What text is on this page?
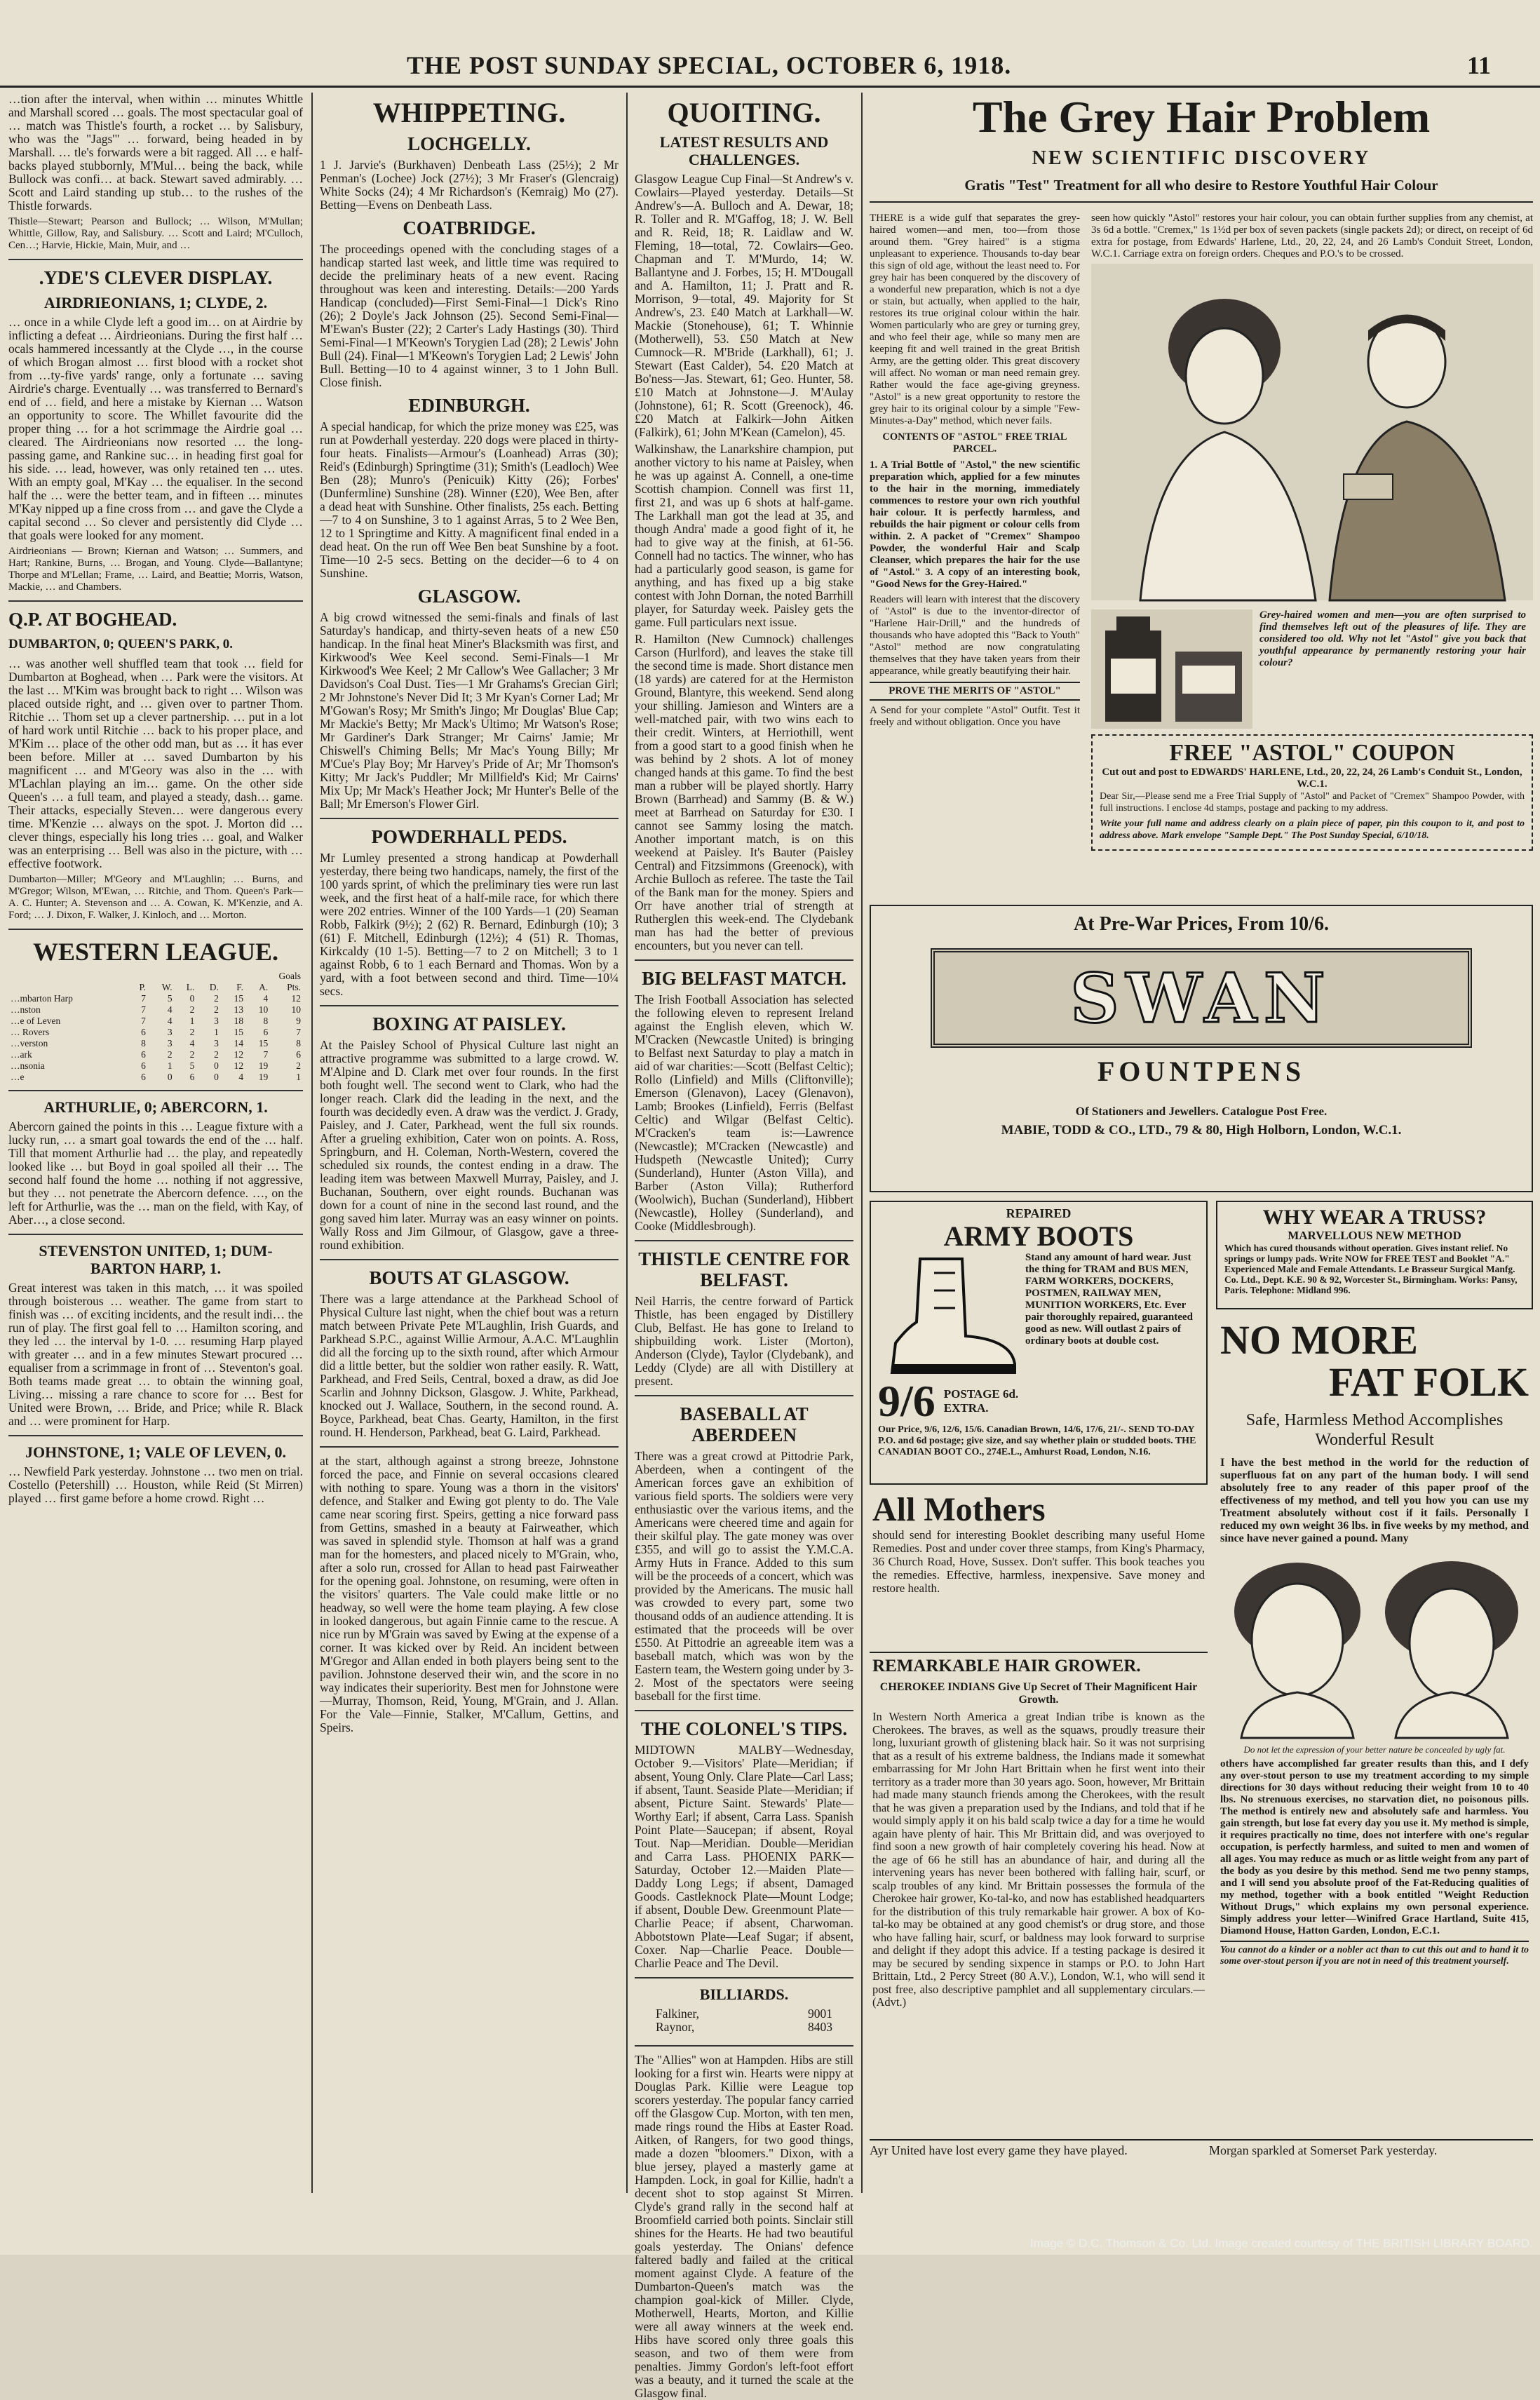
THE POST SUNDAY SPECIAL, OCTOBER 6, 1918.	11

…tion after the interval, when within … minutes Whittle and Marshall scored … goals. The most spectacular goal of … match was Thistle's fourth, a rocket … by Salisbury, who was the "Jags'" … forward, being headed in by Marshall. … tle's forwards were a bit ragged. All … e half-backs played stubbornly, M'Mul… being the back, while Bullock was confi… at back. Stewart saved admirably. … Scott and Laird standing up stub… to the rushes of the Thistle forwards.

Thistle—Stewart; Pearson and Bullock; … Wilson, M'Mullan; Whittle, Gillow, Ray, and Salisbury. … Scott and Laird; M'Culloch, Cen…; Harvie, Hickie, Main, Muir, and …

.YDE'S CLEVER DISPLAY.
AIRDRIEONIANS, 1; CLYDE, 2.

… once in a while Clyde left a good im… on at Airdrie by inflicting a defeat … Airdrieonians. During the first half … ocals hammered incessantly at the Clyde …, in the course of which Brogan almost … first blood with a rocket shot from …ty-five yards' range, only a fortunate … saving Airdrie's charge. Eventually … was transferred to Bernard's end of … field, and here a mistake by Kiernan … Watson an opportunity to score. The Whillet favourite did the proper thing … for a hot scrimmage the Airdrie goal … cleared. The Airdrieonians now resorted … the long-passing game, and Rankine suc… in heading first goal for his side. … lead, however, was only retained ten … utes. With an empty goal, M'Kay … the equaliser. In the second half the … were the better team, and in fifteen … minutes M'Kay nipped up a fine cross from … and gave the Clyde a capital second … So clever and persistently did Clyde … that goals were looked for any moment.

Airdrieonians — Brown; Kiernan and Watson; … Summers, and Hart; Rankine, Burns, … Brogan, and Young. Clyde—Ballantyne; Thorpe and M'Lellan; Frame, … Laird, and Beattie; Morris, Watson, Mackie, … and Chambers.

Q.P. AT BOGHEAD.
DUMBARTON, 0; QUEEN'S PARK, 0.

… was another well shuffled team that took … field for Dumbarton at Boghead, when … Park were the visitors. At the last … M'Kim was brought back to right … Wilson was placed outside right, and … given over to partner Thom. Ritchie … Thom set up a clever partnership. … put in a lot of hard work until Ritchie … back to his proper place, and M'Kim … place of the other odd man, but as … it has ever been before. Miller at … saved Dumbarton by his magnificent … and M'Geory was also in the … with M'Lachlan playing an im… game. On the other side Queen's … a full team, and played a steady, dash… game. Their attacks, especially Steven… were dangerous every time. M'Kenzie … always on the spot. J. Morton did … clever things, especially his long tries … goal, and Walker was an enterprising … Bell was also in the picture, with … effective footwork.

Dumbarton—Miller; M'Geory and M'Laughlin; … Burns, and M'Gregor; Wilson, M'Ewan, … Ritchie, and Thom. Queen's Park—A. C. Hunter; A. Stevenson and … A. Cowan, K. M'Kenzie, and A. Ford; … J. Dixon, F. Walker, J. Kinloch, and … Morton.

WESTERN LEAGUE.
Goals							
	P.	W.	L.	D.	F.	A.	Pts.
…mbarton Harp	7	5	0	2	15	4	12
…nston	7	4	2	2	13	10	10
…e of Leven	7	4	1	3	18	8	9
… Rovers	6	3	2	1	15	6	7
…verston	8	3	4	3	14	15	8
…ark	6	2	2	2	12	7	6
…nsonia	6	1	5	0	12	19	2
…e	6	0	6	0	4	19	1
ARTHURLIE, 0; ABERCORN, 1.

Abercorn gained the points in this … League fixture with a lucky run, … a smart goal towards the end of the … half. Till that moment Arthurlie had … the play, and repeatedly looked like … but Boyd in goal spoiled all their … The second half found the home … nothing if not aggressive, but they … not penetrate the Abercorn defence. …, on the left for Arthurlie, was the … man on the field, with Kay, of Aber…, a close second.

STEVENSTON UNITED, 1; DUM-BARTON HARP, 1.

Great interest was taken in this match, … it was spoiled through boisterous … weather. The game from start to finish was … of exciting incidents, and the result indi… the run of play. The first goal fell to … Hamilton scoring, and they led … the interval by 1-0. … resuming Harp played with greater … and in a few minutes Stewart procured … equaliser from a scrimmage in front of … Steventon's goal. Both teams made great … to obtain the winning goal, Living… missing a rare chance to score for … Best for United were Brown, … Bride, and Price; while R. Black and … were prominent for Harp.

JOHNSTONE, 1; VALE OF LEVEN, 0.

… Newfield Park yesterday. Johnstone … two men on trial. Costello (Petershill) … Houston, while Reid (St Mirren) played … first game before a home crowd. Right …

WHIPPETING.
LOCHGELLY.

1 J. Jarvie's (Burkhaven) Denbeath Lass (25½); 2 Mr Penman's (Lochee) Jock (27½); 3 Mr Fraser's (Glencraig) White Socks (24); 4 Mr Richardson's (Kemraig) Mo (27). Betting—Evens on Denbeath Lass.

COATBRIDGE.

The proceedings opened with the concluding stages of a handicap started last week, and little time was required to decide the preliminary heats of a new event. Racing throughout was keen and interesting. Details:—200 Yards Handicap (concluded)—First Semi-Final—1 Dick's Rino (26); 2 Doyle's Jack Johnson (25). Second Semi-Final—M'Ewan's Buster (22); 2 Carter's Lady Hastings (30). Third Semi-Final—1 M'Keown's Torygien Lad (28); 2 Lewis' John Bull (24). Final—1 M'Keown's Torygien Lad; 2 Lewis' John Bull. Betting—10 to 4 against winner, 3 to 1 John Bull. Close finish.

EDINBURGH.

A special handicap, for which the prize money was £25, was run at Powderhall yesterday. 220 dogs were placed in thirty-four heats. Finalists—Armour's (Loanhead) Arras (30); Reid's (Edinburgh) Springtime (31); Smith's (Leadloch) Wee Ben (28); Munro's (Penicuik) Kitty (26); Forbes' (Dunfermline) Sunshine (28). Winner (£20), Wee Ben, after a dead heat with Sunshine. Other finalists, 25s each. Betting—7 to 4 on Sunshine, 3 to 1 against Arras, 5 to 2 Wee Ben, 12 to 1 Springtime and Kitty. A magnificent final ended in a dead heat. On the run off Wee Ben beat Sunshine by a foot. Time—10 2-5 secs. Betting on the decider—6 to 4 on Sunshine.

GLASGOW.

A big crowd witnessed the semi-finals and finals of last Saturday's handicap, and thirty-seven heats of a new £50 handicap. In the final heat Miner's Blacksmith was first, and Kirkwood's Wee Keel second. Semi-Finals—1 Mr Kirkwood's Wee Keel; 2 Mr Callow's Wee Gallacher; 3 Mr Davidson's Coal Dust. Ties—1 Mr Grahams's Grecian Girl; 2 Mr Johnstone's Never Did It; 3 Mr Kyan's Corner Lad; Mr M'Gowan's Rosy; Mr Smith's Jingo; Mr Douglas' Blue Cap; Mr Mackie's Betty; Mr Mack's Ultimo; Mr Watson's Rose; Mr Gardiner's Dark Stranger; Mr Cairns' Jamie; Mr Chiswell's Chiming Bells; Mr Mac's Young Billy; Mr M'Cue's Play Boy; Mr Harvey's Pride of Ar; Mr Thomson's Kitty; Mr Jack's Puddler; Mr Millfield's Kid; Mr Cairns' Mix Up; Mr Mack's Heather Jock; Mr Hunter's Belle of the Ball; Mr Emerson's Flower Girl.

POWDERHALL PEDS.

Mr Lumley presented a strong handicap at Powderhall yesterday, there being two handicaps, namely, the first of the 100 yards sprint, of which the preliminary ties were run last week, and the first heat of a half-mile race, for which there were 202 entries. Winner of the 100 Yards—1 (20) Seaman Robb, Falkirk (9½); 2 (62) R. Bernard, Edinburgh (10); 3 (61) F. Mitchell, Edinburgh (12½); 4 (51) R. Thomas, Kirkcaldy (10 1-5). Betting—7 to 2 on Mitchell; 3 to 1 against Robb, 6 to 1 each Bernard and Thomas. Won by a yard, with a foot between second and third. Time—10¼ secs.

BOXING AT PAISLEY.

At the Paisley School of Physical Culture last night an attractive programme was submitted to a large crowd. W. M'Alpine and D. Clark met over four rounds. In the first both fought well. The second went to Clark, who had the longer reach. Clark did the leading in the next, and the fourth was decidedly even. A draw was the verdict. J. Grady, Paisley, and J. Cater, Parkhead, went the full six rounds. After a grueling exhibition, Cater won on points. A. Ross, Springburn, and H. Coleman, North-Western, covered the scheduled six rounds, the contest ending in a draw. The leading item was between Maxwell Murray, Paisley, and J. Buchanan, Southern, over eight rounds. Buchanan was down for a count of nine in the second last round, and the gong saved him later. Murray was an easy winner on points. Wally Ross and Jim Gilmour, of Glasgow, gave a three-round exhibition.

BOUTS AT GLASGOW.

There was a large attendance at the Parkhead School of Physical Culture last night, when the chief bout was a return match between Private Pete M'Laughlin, Irish Guards, and Parkhead S.P.C., against Willie Armour, A.A.C. M'Laughlin did all the forcing up to the sixth round, after which Armour did a little better, but the soldier won rather easily. R. Watt, Parkhead, and Fred Seils, Central, boxed a draw, as did Joe Scarlin and Johnny Dickson, Glasgow. J. White, Parkhead, knocked out J. Wallace, Southern, in the second round. A. Boyce, Parkhead, beat Chas. Gearty, Hamilton, in the first round. H. Henderson, Parkhead, beat G. Laird, Parkhead.

at the start, although against a strong breeze, Johnstone forced the pace, and Finnie on several occasions cleared with nothing to spare. Young was a thorn in the visitors' defence, and Stalker and Ewing got plenty to do. The Vale came near scoring first. Speirs, getting a nice forward pass from Gettins, smashed in a beauty at Fairweather, which was saved in splendid style. Thomson at half was a grand man for the homesters, and placed nicely to M'Grain, who, after a solo run, crossed for Allan to head past Fairweather for the opening goal. Johnstone, on resuming, were often in the visitors' quarters. The Vale could make little or no headway, so well were the home team playing. A few close in looked dangerous, but again Finnie came to the rescue. A nice run by M'Grain was saved by Ewing at the expense of a corner. It was kicked over by Reid. An incident between M'Gregor and Allan ended in both players being sent to the pavilion. Johnstone deserved their win, and the score in no way indicates their superiority. Best men for Johnstone were—Murray, Thomson, Reid, Young, M'Grain, and J. Allan. For the Vale—Finnie, Stalker, M'Callum, Gettins, and Speirs.

QUOITING.
LATEST RESULTS AND CHALLENGES.

Glasgow League Cup Final—St Andrew's v. Cowlairs—Played yesterday. Details—St Andrew's—A. Bulloch and A. Dewar, 18; R. Toller and R. M'Gaffog, 18; J. W. Bell and R. Reid, 18; R. Laidlaw and W. Fleming, 18—total, 72. Cowlairs—Geo. Chapman and T. M'Murdo, 14; W. Ballantyne and J. Forbes, 15; H. M'Dougall and A. Hamilton, 11; J. Pratt and R. Morrison, 9—total, 49. Majority for St Andrew's, 23. £40 Match at Larkhall—W. Mackie (Stonehouse), 61; T. Whinnie (Motherwell), 53. £50 Match at New Cumnock—R. M'Bride (Larkhall), 61; J. Stewart (East Calder), 54. £20 Match at Bo'ness—Jas. Stewart, 61; Geo. Hunter, 58. £10 Match at Johnstone—J. M'Aulay (Johnstone), 61; R. Scott (Greenock), 46. £20 Match at Falkirk—John Aitken (Falkirk), 61; John M'Kean (Camelon), 45.

Walkinshaw, the Lanarkshire champion, put another victory to his name at Paisley, when he was up against A. Connell, a one-time Scottish champion. Connell was first 11, first 21, and was up 6 shots at half-game. The Larkhall man got the lead at 35, and though Andra' made a good fight of it, he had to give way at the finish, at 61-56. Connell had no tactics. The winner, who has had a particularly good season, is game for anything, and has fixed up a big stake contest with John Dornan, the noted Barrhill player, for Saturday week. Paisley gets the game. Full particulars next issue.

R. Hamilton (New Cumnock) challenges Carson (Hurlford), and leaves the stake till the second time is made. Short distance men (18 yards) are catered for at the Hermiston Ground, Blantyre, this weekend. Send along your shilling. Jamieson and Winters are a well-matched pair, with two wins each to their credit. Winters, at Herriothill, went from a good start to a good finish when he was behind by 2 shots. A lot of money changed hands at this game. To find the best man a rubber will be played shortly. Harry Brown (Barrhead) and Sammy (B. & W.) meet at Barrhead on Saturday for £30. I cannot see Sammy losing the match. Another important match, is on this weekend at Paisley. It's Bauter (Paisley Central) and Fitzsimmons (Greenock), with Archie Bulloch as referee. The taste the Tail of the Bank man for the money. Spiers and Orr have another trial of strength at Rutherglen this week-end. The Clydebank man has had the better of previous encounters, but you never can tell.

BIG BELFAST MATCH.

The Irish Football Association has selected the following eleven to represent Ireland against the English eleven, which W. M'Cracken (Newcastle United) is bringing to Belfast next Saturday to play a match in aid of war charities:—Scott (Belfast Celtic); Rollo (Linfield) and Mills (Cliftonville); Emerson (Glenavon), Lacey (Glenavon), Lamb; Brookes (Linfield), Ferris (Belfast Celtic) and Wilgar (Belfast Celtic). M'Cracken's team is:—Lawrence (Newcastle); M'Cracken (Newcastle) and Hudspeth (Newcastle United); Curry (Sunderland), Hunter (Aston Villa), and Barber (Aston Villa); Rutherford (Woolwich), Buchan (Sunderland), Hibbert (Newcastle), Holley (Sunderland), and Cooke (Middlesbrough).

THISTLE CENTRE FOR BELFAST.

Neil Harris, the centre forward of Partick Thistle, has been engaged by Distillery Club, Belfast. He has gone to Ireland to shipbuilding work. Lister (Morton), Anderson (Clyde), Taylor (Clydebank), and Leddy (Clyde) are all with Distillery at present.

BASEBALL AT ABERDEEN

There was a great crowd at Pittodrie Park, Aberdeen, when a contingent of the American forces gave an exhibition of various field sports. The soldiers were very enthusiastic over the various items, and the Americans were cheered time and again for their skilful play. The gate money was over £355, and will go to assist the Y.M.C.A. Army Huts in France. Added to this sum will be the proceeds of a concert, which was provided by the Americans. The music hall was crowded to every part, some two thousand odds of an audience attending. It is estimated that the proceeds will be over £550. At Pittodrie an agreeable item was a baseball match, which was won by the Eastern team, the Western going under by 3-2. Most of the spectators were seeing baseball for the first time.

THE COLONEL'S TIPS.

MIDTOWN MALBY—Wednesday, October 9.—Visitors' Plate—Meridian; if absent, Young Only. Clare Plate—Carl Lass; if absent, Taunt. Seaside Plate—Meridian; if absent, Picture Saint. Stewards' Plate—Worthy Earl; if absent, Carra Lass. Spanish Point Plate—Saucepan; if absent, Royal Tout. Nap—Meridian. Double—Meridian and Carra Lass. PHOENIX PARK—Saturday, October 12.—Maiden Plate—Daddy Long Legs; if absent, Damaged Goods. Castleknock Plate—Mount Lodge; if absent, Double Dew. Greenmount Plate—Charlie Peace; if absent, Charwoman. Abbotstown Plate—Leaf Sugar; if absent, Coxer. Nap—Charlie Peace. Double—Charlie Peace and The Devil.

BILLIARDS.
Falkiner,	9001
Raynor,	8403

The "Allies" won at Hampden. Hibs are still looking for a first win. Hearts were nippy at Douglas Park. Killie were League top scorers yesterday. The popular fancy carried off the Glasgow Cup. Morton, with ten men, made rings round the Hibs at Easter Road. Aitken, of Rangers, for two good things, made a dozen "bloomers." Dixon, with a blue jersey, played a masterly game at Hampden. Lock, in goal for Killie, hadn't a decent shot to stop against St Mirren. Clyde's grand rally in the second half at Broomfield carried both points. Sinclair still shines for the Hearts. He had two beautiful goals yesterday. The Onians' defence faltered badly and failed at the critical moment against Clyde. A feature of the Dumbarton-Queen's match was the champion goal-kick of Miller. Clyde, Motherwell, Hearts, Morton, and Killie were all away winners at the week end. Hibs have scored only three goals this season, and two of them were from penalties. Jimmy Gordon's left-foot effort was a beauty, and it turned the scale at the Glasgow final.

The Grey Hair Problem
NEW SCIENTIFIC DISCOVERY
Gratis "Test" Treatment for all who desire to Restore Youthful Hair Colour

THERE is a wide gulf that separates the grey-haired women—and men, too—from those around them. "Grey haired" is a stigma unpleasant to experience. Thousands to-day bear this sign of old age, without the least need to. For grey hair has been conquered by the discovery of a wonderful new preparation, which is not a dye or stain, but actually, when applied to the hair, restores its true original colour within the hair. Women particularly who are grey or turning grey, and who feel their age, while so many men are keeping fit and well trained in the great British Army, are the getting older. This great discovery will affect. No woman or man need remain grey. Rather would the face age-giving greyness. "Astol" is a new great opportunity to restore the grey hair to its original colour by a simple "Few-Minutes-a-Day" method, which never fails.

CONTENTS OF "ASTOL" FREE TRIAL PARCEL.

1. A Trial Bottle of "Astol," the new scientific preparation which, applied for a few minutes to the hair in the morning, immediately commences to restore your own rich youthful hair colour. It is perfectly harmless, and rebuilds the hair pigment or colour cells from within. 2. A packet of "Cremex" Shampoo Powder, the wonderful Hair and Scalp Cleanser, which prepares the hair for the use of "Astol." 3. A copy of an interesting book, "Good News for the Grey-Haired."

Readers will learn with interest that the discovery of "Astol" is due to the inventor-director of "Harlene Hair-Drill," and the hundreds of thousands who have adopted this "Back to Youth" "Astol" method are now congratulating themselves that they have taken years from their appearance, while greatly beautifying their hair.

PROVE THE MERITS OF "ASTOL"

A Send for your complete "Astol" Outfit. Test it freely and without obligation. Once you have

seen how quickly "Astol" restores your hair colour, you can obtain further supplies from any chemist, at 3s 6d a bottle. "Cremex," 1s 1½d per box of seven packets (single packets 2d); or direct, on receipt of 6d extra for postage, from Edwards' Harlene, Ltd., 20, 22, 24, and 26 Lamb's Conduit Street, London, W.C.1. Carriage extra on foreign orders. Cheques and P.O.'s to be crossed.

Grey-haired women and men—you are often surprised to find themselves left out of the pleasures of life. They are considered too old. Why not let "Astol" give you back that youthful appearance by permanently restoring your hair colour?

FREE "ASTOL" COUPON
Cut out and post to EDWARDS' HARLENE, Ltd., 20, 22, 24, 26 Lamb's Conduit St., London, W.C.1.

Dear Sir,—Please send me a Free Trial Supply of "Astol" and Packet of "Cremex" Shampoo Powder, with full instructions. I enclose 4d stamps, postage and packing to my address.

Write your full name and address clearly on a plain piece of paper, pin this coupon to it, and post to address above. Mark envelope "Sample Dept." The Post Sunday Special, 6/10/18.

At Pre-War Prices, From 10/6.
SWAN
FOUNTPENS
Of Stationers and Jewellers. Catalogue Post Free.
MABIE, TODD & CO., LTD., 79 & 80, High Holborn, London, W.C.1.
REPAIRED
ARMY BOOTS

Stand any amount of hard wear. Just the thing for TRAM and BUS MEN, FARM WORKERS, DOCKERS, POSTMEN, RAILWAY MEN, MUNITION WORKERS, Etc. Ever pair thoroughly repaired, guaranteed good as new. Will outlast 2 pairs of ordinary boots at double cost.

9/6 POSTAGE 6d. EXTRA.

Our Price, 9/6, 12/6, 15/6. Canadian Brown, 14/6, 17/6, 21/-. SEND TO-DAY P.O. and 6d postage; give size, and say whether plain or studded boots. THE CANADIAN BOOT CO., 274E.L., Amhurst Road, London, N.16.

WHY WEAR A TRUSS?
MARVELLOUS NEW METHOD

Which has cured thousands without operation. Gives instant relief. No springs or lumpy pads. Write NOW for FREE TEST and Booklet "A." Experienced Male and Female Attendants. Le Brasseur Surgical Manfg. Co. Ltd., Dept. K.E. 90 & 92, Worcester St., Birmingham. Works: Pansy, Paris. Telephone: Midland 996.

NO MORE
FAT FOLK
Safe, Harmless Method Accomplishes Wonderful Result

I have the best method in the world for the reduction of superfluous fat on any part of the human body. I will send absolutely free to any reader of this paper proof of the effectiveness of my method, and tell you how you can use my Treatment absolutely without cost if it fails. Personally I reduced my own weight 36 lbs. in five weeks by my method, and since have never gained a pound. Many

Do not let the expression of your better nature be concealed by ugly fat.

others have accomplished far greater results than this, and I defy any over-stout person to use my treatment according to my simple directions for 30 days without reducing their weight from 10 to 40 lbs. No strenuous exercises, no starvation diet, no poisonous pills. The method is entirely new and absolutely safe and harmless. You gain strength, but lose fat every day you use it. My method is simple, it requires practically no time, does not interfere with one's regular occupation, is perfectly harmless, and suited to men and women of all ages. You may reduce as much or as little weight from any part of the body as you desire by this method. Send me two penny stamps, and I will send you absolute proof of the Fat-Reducing qualities of my method, together with a book entitled "Weight Reduction Without Drugs," which explains my own personal experience. Simply address your letter—Winifred Grace Hartland, Suite 415, Diamond House, Hatton Garden, London, E.C.1.

You cannot do a kinder or a nobler act than to cut this out and to hand it to some over-stout person if you are not in need of this treatment yourself.

All Mothers

should send for interesting Booklet describing many useful Home Remedies. Post and under cover three stamps, from King's Pharmacy, 36 Church Road, Hove, Sussex. Don't suffer. This book teaches you the remedies. Effective, harmless, inexpensive. Save money and restore health.

REMARKABLE HAIR GROWER.
CHEROKEE INDIANS Give Up Secret of Their Magnificent Hair Growth.

In Western North America a great Indian tribe is known as the Cherokees. The braves, as well as the squaws, proudly treasure their long, luxuriant growth of glistening black hair. So it was not surprising that as a result of his extreme baldness, the Indians made it somewhat embarrassing for Mr John Hart Brittain when he first went into their territory as a trader more than 30 years ago. Soon, however, Mr Brittain had made many staunch friends among the Cherokees, with the result that he was given a preparation used by the Indians, and told that if he would simply apply it on his bald scalp twice a day for a time he would again have plenty of hair. This Mr Brittain did, and was overjoyed to find soon a new growth of hair completely covering his head. Now at the age of 66 he still has an abundance of hair, and during all the intervening years has never been bothered with falling hair, scurf, or scalp troubles of any kind. Mr Brittain possesses the formula of the Cherokee hair grower, Ko-tal-ko, and now has established headquarters for the distribution of this truly remarkable hair grower. A box of Ko-tal-ko may be obtained at any good chemist's or drug store, and those who have falling hair, scurf, or baldness may look forward to surprise and delight if they adopt this advice. If a testing package is desired it may be secured by sending sixpence in stamps or P.O. to John Hart Brittain, Ltd., 2 Percy Street (80 A.V.), London, W.1, who will send it post free, also descriptive pamphlet and all supplementary circulars.—(Advt.)

Ayr United have lost every game they have played.	Morgan sparkled at Somerset Park yesterday.
Image © D.C. Thomson & Co. Ltd. Image created courtesy of THE BRITISH LIBRARY BOARD.
